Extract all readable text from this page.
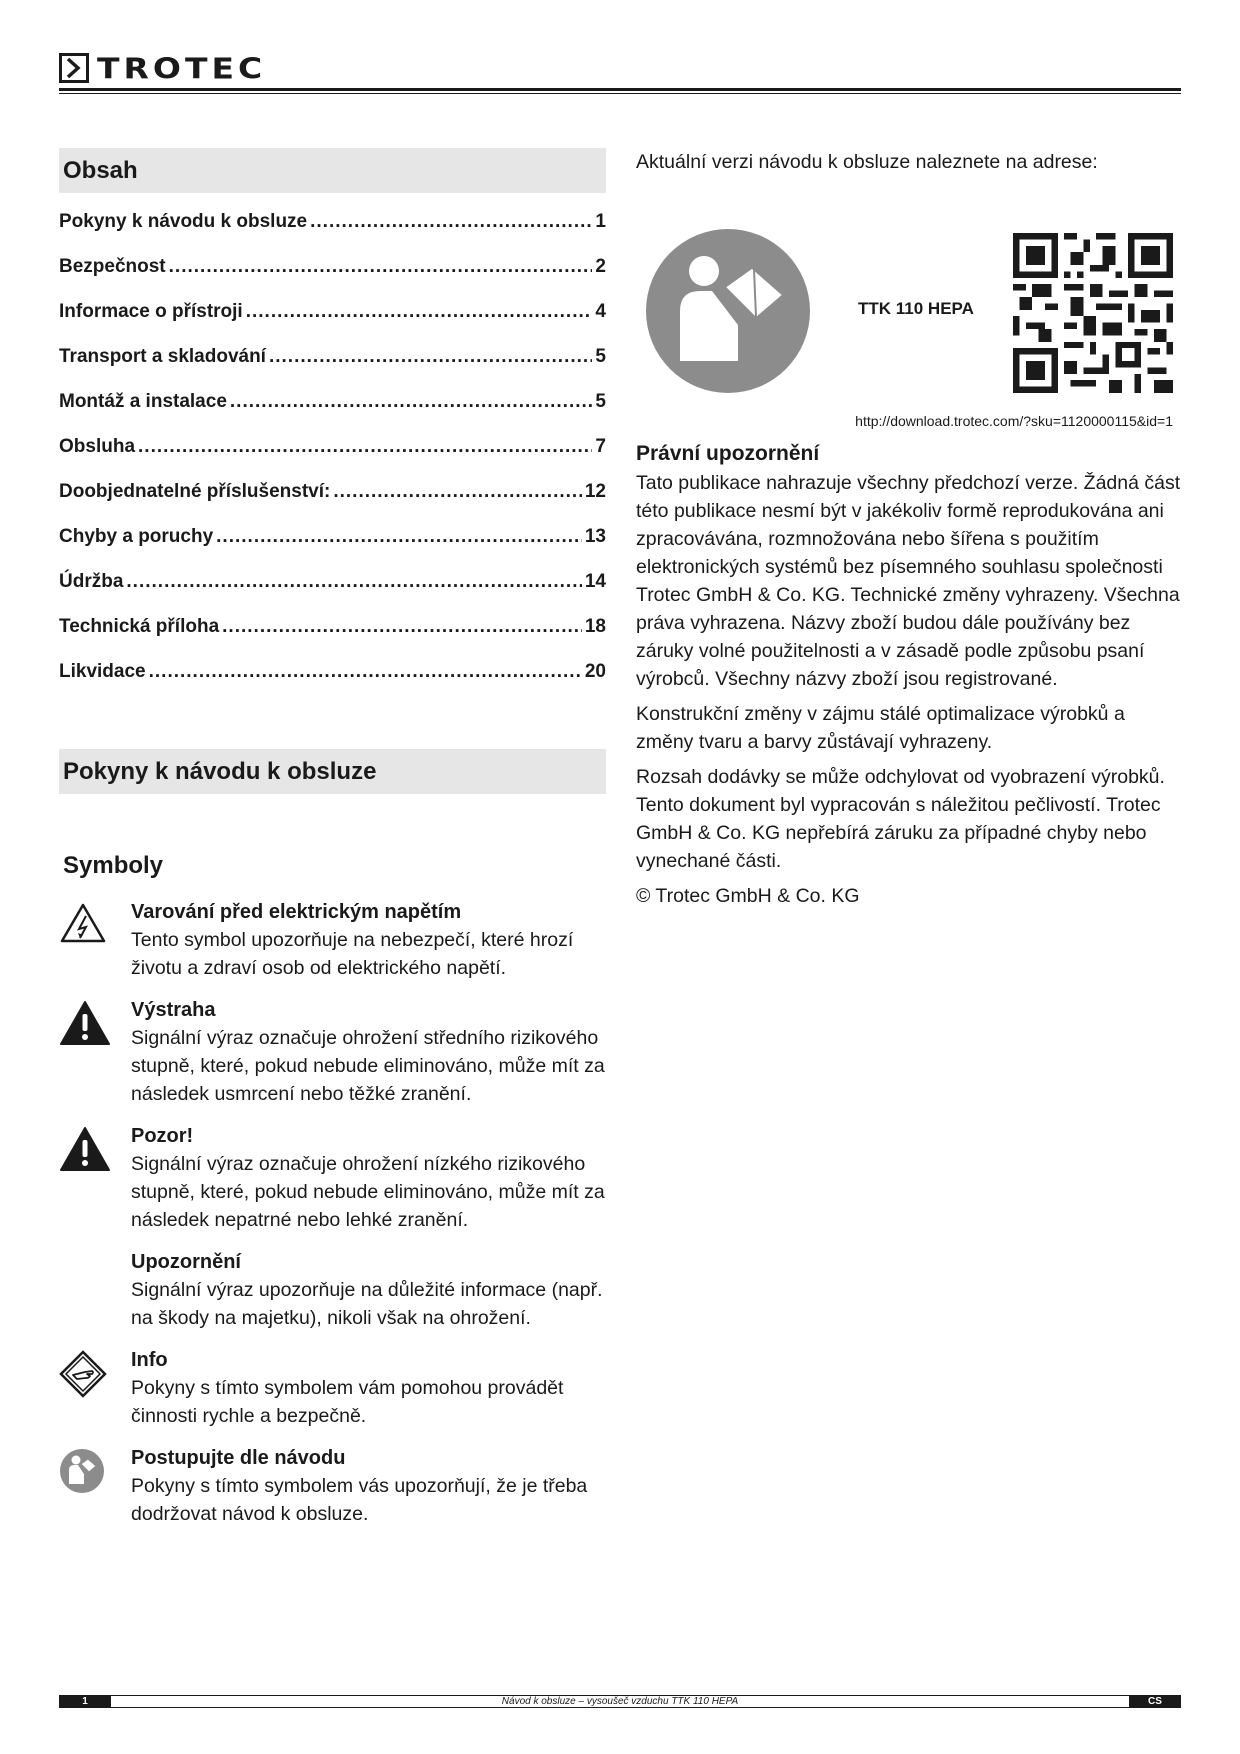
TROTEC
Obsah
Pokyny k návodu k obsluze .....	1
Bezpečnost .....	2
Informace o přístroji .....	4
Transport a skladování .....	5
Montáž a instalace .....	5
Obsluha .....	7
Doobjednatelné příslušenství: .....	12
Chyby a poruchy .....	13
Údržba .....	14
Technická příloha .....	18
Likvidace .....	20
Pokyny k návodu k obsluze
Symboly
Varování před elektrickým napětím
Tento symbol upozorňuje na nebezpečí, které hrozí životu a zdraví osob od elektrického napětí.
Výstraha
Signální výraz označuje ohrožení středního rizikového stupně, které, pokud nebude eliminováno, může mít za následek usmrcení nebo těžké zranění.
Pozor!
Signální výraz označuje ohrožení nízkého rizikového stupně, které, pokud nebude eliminováno, může mít za následek nepatrné nebo lehké zranění.
Upozornění
Signální výraz upozorňuje na důležité informace (např. na škody na majetku), nikoli však na ohrožení.
Info
Pokyny s tímto symbolem vám pomohou provádět činnosti rychle a bezpečně.
Postupujte dle návodu
Pokyny s tímto symbolem vás upozorňují, že je třeba dodržovat návod k obsluze.
Aktuální verzi návodu k obsluze naleznete na adrese:
TTK 110 HEPA
http://download.trotec.com/?sku=1120000115&id=1
Právní upozornění

Tato publikace nahrazuje všechny předchozí verze. Žádná část této publikace nesmí být v jakékoliv formě reprodukována ani zpracovávána, rozmnožována nebo šířena s použitím elektronických systémů bez písemného souhlasu společnosti Trotec GmbH & Co. KG. Technické změny vyhrazeny. Všechna práva vyhrazena. Názvy zboží budou dále používány bez záruky volné použitelnosti a v zásadě podle způsobu psaní výrobců. Všechny názvy zboží jsou registrované.

Konstrukční změny v zájmu stálé optimalizace výrobků a změny tvaru a barvy zůstávají vyhrazeny.

Rozsah dodávky se může odchylovat od vyobrazení výrobků. Tento dokument byl vypracován s náležitou pečlivostí. Trotec GmbH & Co. KG nepřebírá záruku za případné chyby nebo vynechané části.

© Trotec GmbH & Co. KG

1	Návod k obsluze – vysoušeč vzduchu TTK 110 HEPA	CS
